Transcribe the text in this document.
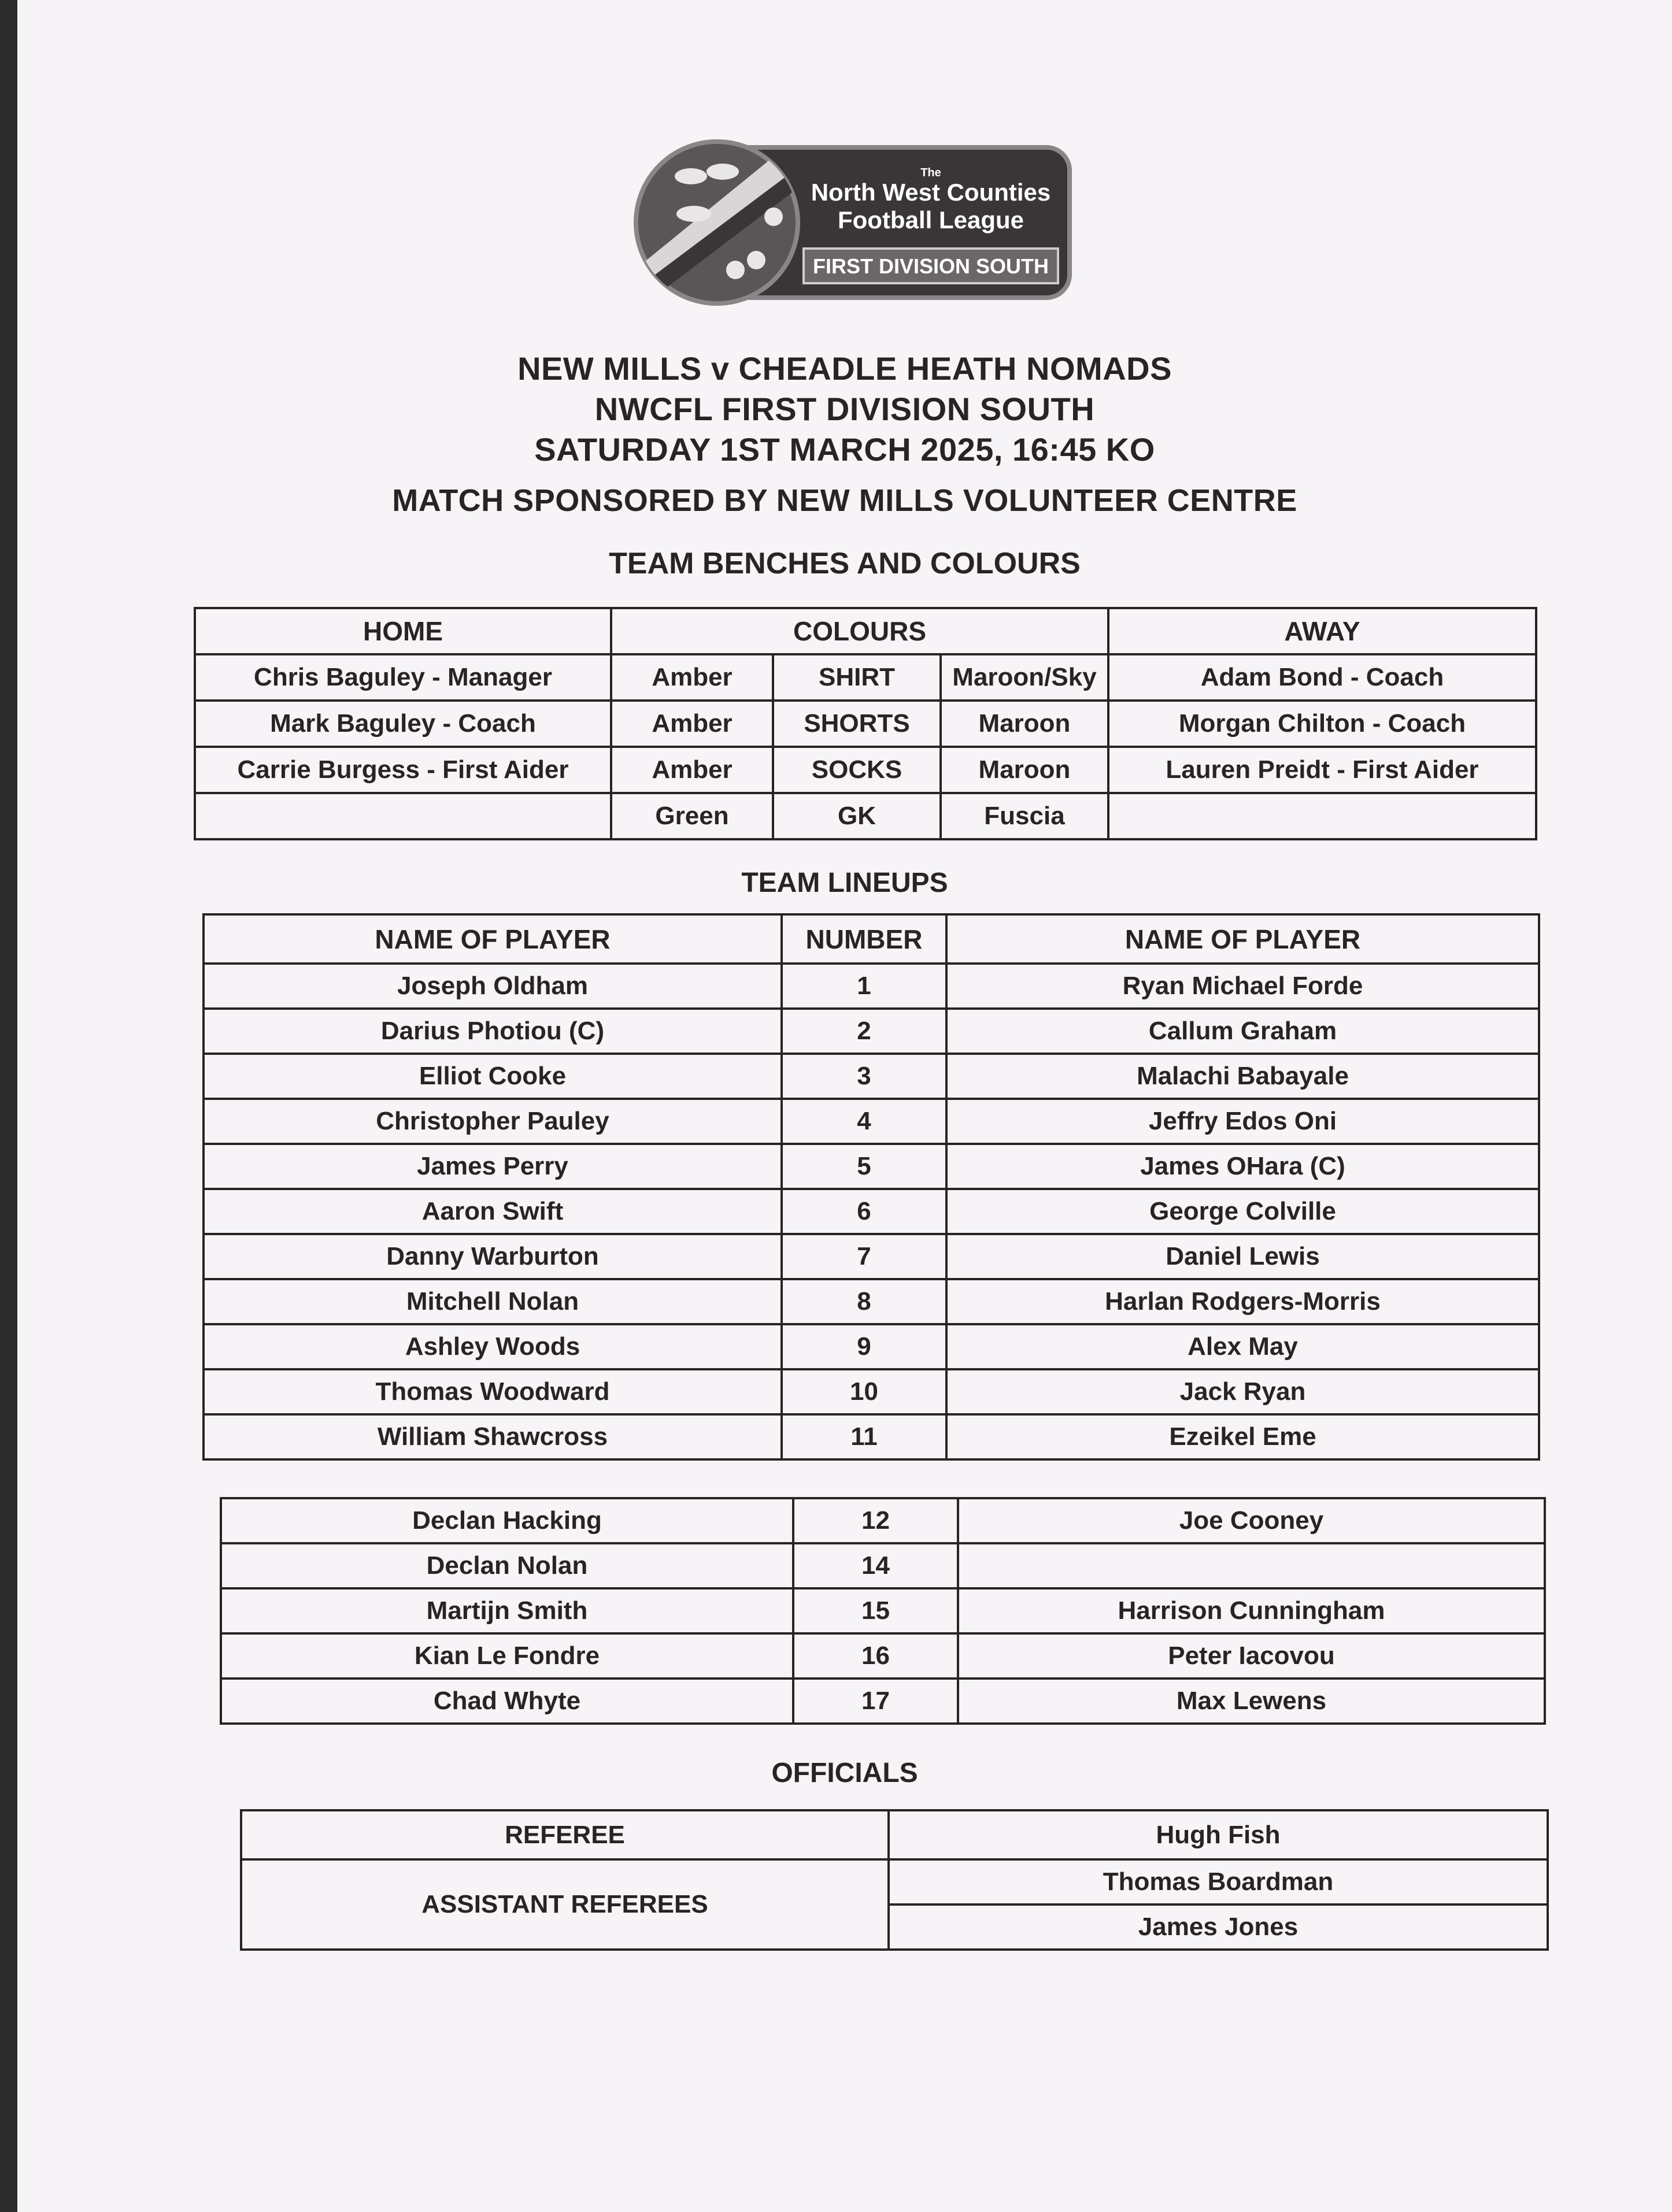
The
North West Counties
Football League
FIRST DIVISION SOUTH
NEW MILLS v CHEADLE HEATH NOMADS
NWCFL FIRST DIVISION SOUTH
SATURDAY 1ST MARCH 2025, 16:45 KO
MATCH SPONSORED BY NEW MILLS VOLUNTEER CENTRE
TEAM BENCHES AND COLOURS
HOME	COLOURS			AWAY
Chris Baguley - Manager	Amber	SHIRT	Maroon/Sky	Adam Bond - Coach
Mark Baguley - Coach	Amber	SHORTS	Maroon	Morgan Chilton - Coach
Carrie Burgess - First Aider	Amber	SOCKS	Maroon	Lauren Preidt - First Aider
	Green	GK	Fuscia	
TEAM LINEUPS
NAME OF PLAYER	NUMBER	NAME OF PLAYER
Joseph Oldham	1	Ryan Michael Forde
Darius Photiou (C)	2	Callum Graham
Elliot Cooke	3	Malachi Babayale
Christopher Pauley	4	Jeffry Edos Oni
James Perry	5	James OHara (C)
Aaron Swift	6	George Colville
Danny Warburton	7	Daniel Lewis
Mitchell Nolan	8	Harlan Rodgers-Morris
Ashley Woods	9	Alex May
Thomas Woodward	10	Jack Ryan
William Shawcross	11	Ezeikel Eme
Declan Hacking	12	Joe Cooney
Declan Nolan	14	
Martijn Smith	15	Harrison Cunningham
Kian Le Fondre	16	Peter Iacovou
Chad Whyte	17	Max Lewens
OFFICIALS
REFEREE	Hugh Fish
ASSISTANT REFEREES	Thomas Boardman
	James Jones
